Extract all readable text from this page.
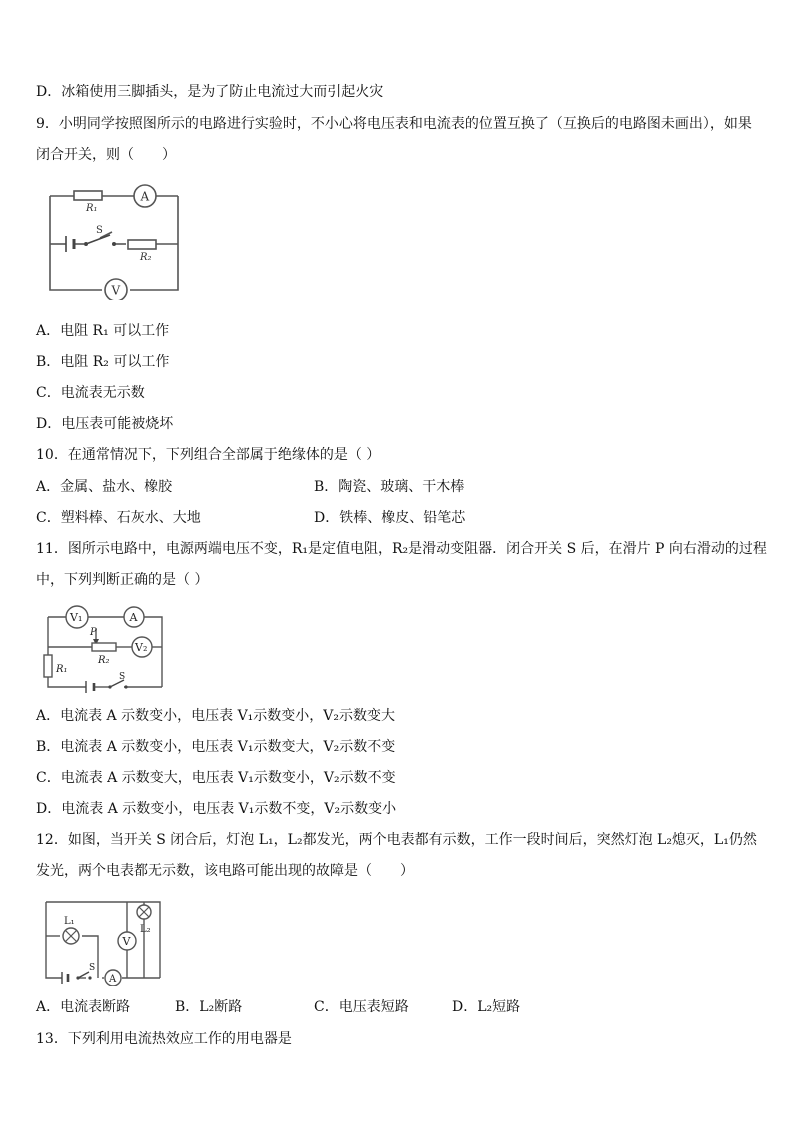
D．冰箱使用三脚插头，是为了防止电流过大而引起火灾
9．小明同学按照图所示的电路进行实验时，不小心将电压表和电流表的位置互换了（互换后的电路图未画出），如果
闭合开关，则（　　）
R₁
A
S
R₂
V
A．电阻 R₁ 可以工作
B．电阻 R₂ 可以工作
C．电流表无示数
D．电压表可能被烧坏
10．在通常情况下，下列组合全部属于绝缘体的是（ ）
A．金属、盐水、橡胶	B．陶瓷、玻璃、干木棒
C．塑料棒、石灰水、大地	D．铁棒、橡皮、铅笔芯
11．图所示电路中，电源两端电压不变，R₁是定值电阻，R₂是滑动变阻器．闭合开关 S 后，在滑片 P 向右滑动的过程
中，下列判断正确的是（ ）
V₁	A
P
R₂
V₂
R₁
S
A．电流表 A 示数变小，电压表 V₁示数变小，V₂示数变大
B．电流表 A 示数变小，电压表 V₁示数变大，V₂示数不变
C．电流表 A 示数变大，电压表 V₁示数变小，V₂示数不变
D．电流表 A 示数变小，电压表 V₁示数不变，V₂示数变小
12．如图，当开关 S 闭合后，灯泡 L₁，L₂都发光，两个电表都有示数，工作一段时间后，突然灯泡 L₂熄灭，L₁仍然
发光，两个电表都无示数，该电路可能出现的故障是（　　）
L₁
L₂
V
S
A
A．电流表断路	B．L₂断路	C．电压表短路	D．L₂短路
13．下列利用电流热效应工作的用电器是
